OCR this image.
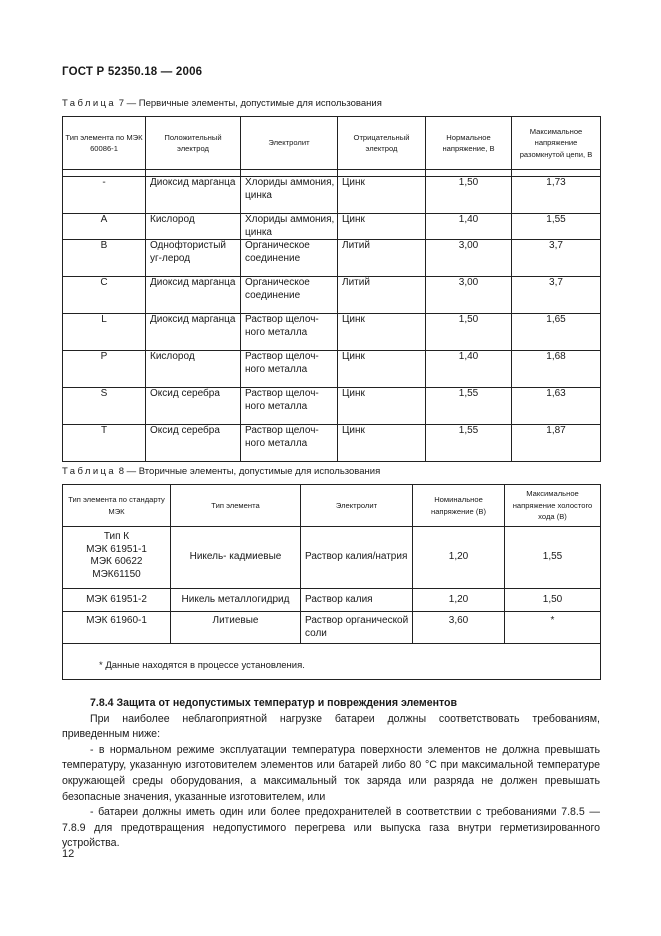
ГОСТ Р 52350.18 — 2006
Таблица 7 — Первичные элементы, допустимые для использования
Тип элемента по МЭК 60086-1	Положительный электрод	Электролит	Отрицательный электрод	Нормальное напряжение, В	Максимальное напряжение разомкнутой цепи, В

-	Диоксид марганца	Хлориды аммония, цинка	Цинк	1,50	1,73
A	Кислород	Хлориды аммония, цинка	Цинк	1,40	1,55
B	Однофтористый уг-лерод	Органическое соединение	Литий	3,00	3,7
C	Диоксид марганца	Органическое соединение	Литий	3,00	3,7
L	Диоксид марганца	Раствор щелоч-ного металла	Цинк	1,50	1,65
P	Кислород	Раствор щелоч-ного металла	Цинк	1,40	1,68
S	Оксид серебра	Раствор щелоч-ного металла	Цинк	1,55	1,63
T	Оксид серебра	Раствор щелоч-ного металла	Цинк	1,55	1,87
Таблица 8 — Вторичные элементы, допустимые для использования
Тип элемента по стандарту МЭК	Тип элемента	Электролит	Номинальное напряжение (В)	Максимальное напряжение холостого хода (В)

Тип К
МЭК 61951-1
МЭК 60622
МЭК61150	Никель- кадмиевые	Раствор калия/натрия	1,20	1,55
МЭК 61951-2	Никель металлогидрид	Раствор калия	1,20	1,50
МЭК 61960-1	Литиевые	Раствор органической соли	3,60	*
* Данные находятся в процессе установления.				

7.8.4 Защита от недопустимых температур и повреждения элементов

При наиболее неблагоприятной нагрузке батареи должны соответствовать требованиям, приведенным ниже:

- в нормальном режиме эксплуатации температура поверхности элементов не должна превышать температуру, указанную изготовителем элементов или батарей либо 80 °С при максимальной температуре окружающей среды оборудования, а максимальный ток заряда или разряда не должен превышать безопасные значения, указанные изготовителем, или

- батареи должны иметь один или более предохранителей в соответствии с требованиями 7.8.5 — 7.8.9 для предотвращения недопустимого перегрева или выпуска газа внутри герметизированного устройства.

12
